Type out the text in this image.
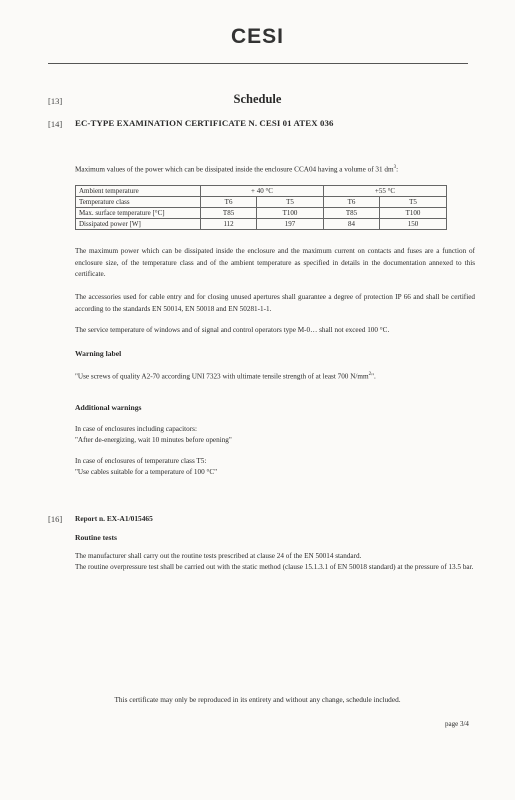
CESI
[13]	Schedule
[14] EC-TYPE EXAMINATION CERTIFICATE N. CESI 01 ATEX 036
Maximum values of the power which can be dissipated inside the enclosure CCA04 having a volume of 31 $dm^3$:
Ambient temperature	+ 40 °C		+55 °C	
Temperature class	T6	T5	T6	T5
Max. surface temperature [°C]	T85	T100	T85	T100
Dissipated power [W]	112	197	84	150
The maximum power which can be dissipated inside the enclosure and the maximum current on contacts and fuses are a function of enclosure size, of the temperature class and of the ambient temperature as specified in details in the documentation annexed to this certificate.
The accessories used for cable entry and for closing unused apertures shall guarantee a degree of protection IP 66 and shall be certified according to the standards EN 50014, EN 50018 and EN 50281-1-1.
The service temperature of windows and of signal and control operators type M-0… shall not exceed 100 °C.
Warning label
"Use screws of quality A2-70 according UNI 7323 with ultimate tensile strength of at least 700 $N/mm^2$".
Additional warnings
In case of enclosures including capacitors:
"After de-energizing, wait 10 minutes before opening"
In case of enclosures of temperature class T5:
"Use cables suitable for a temperature of 100 °C"
[16] Report n. EX-A1/015465
Routine tests
The manufacturer shall carry out the routine tests prescribed at clause 24 of the EN 50014 standard.
The routine overpressure test shall be carried out with the static method (clause 15.1.3.1 of EN 50018 standard) at the pressure of 13.5 bar.
This certificate may only be reproduced in its entirety and without any change, schedule included.
page 3/4
